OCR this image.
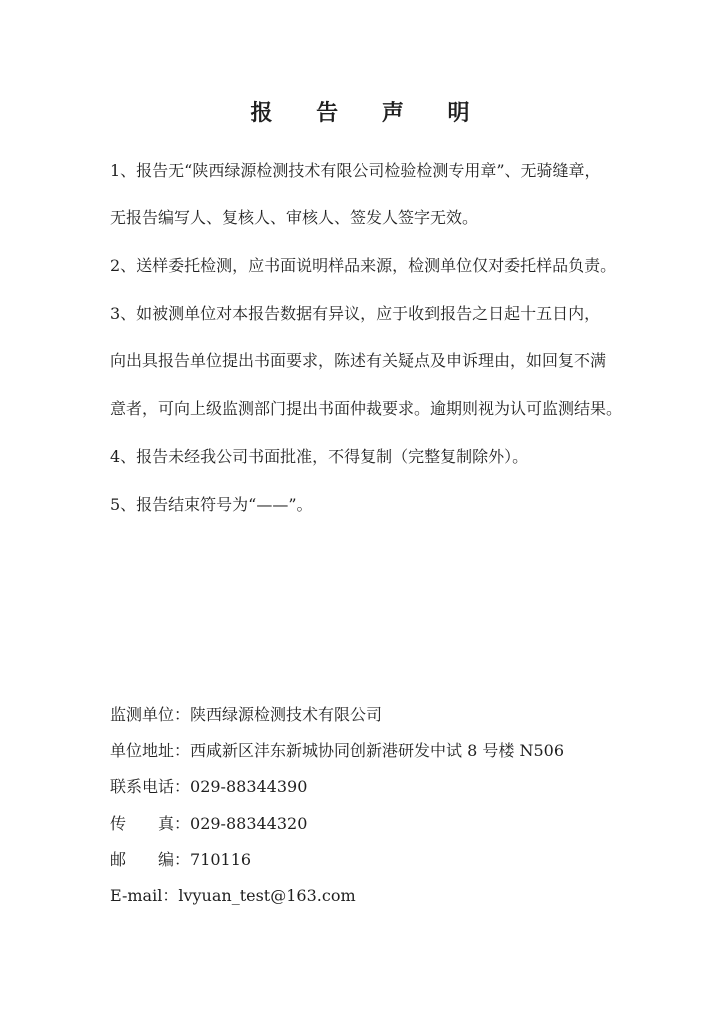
报 告 声 明
1、报告无“陕西绿源检测技术有限公司检验检测专用章”、无骑缝章，
无报告编写人、复核人、审核人、签发人签字无效。
2、送样委托检测，应书面说明样品来源，检测单位仅对委托样品负责。
3、如被测单位对本报告数据有异议，应于收到报告之日起十五日内，
向出具报告单位提出书面要求，陈述有关疑点及申诉理由，如回复不满
意者，可向上级监测部门提出书面仲裁要求。逾期则视为认可监测结果。
4、报告未经我公司书面批准，不得复制（完整复制除外）。
5、报告结束符号为“——”。
监测单位：陕西绿源检测技术有限公司
单位地址：西咸新区沣东新城协同创新港研发中试 8 号楼 N506
联系电话：029-88344390
传　　真：029-88344320
邮　　编：710116
E-mail：lvyuan_test@163.com
